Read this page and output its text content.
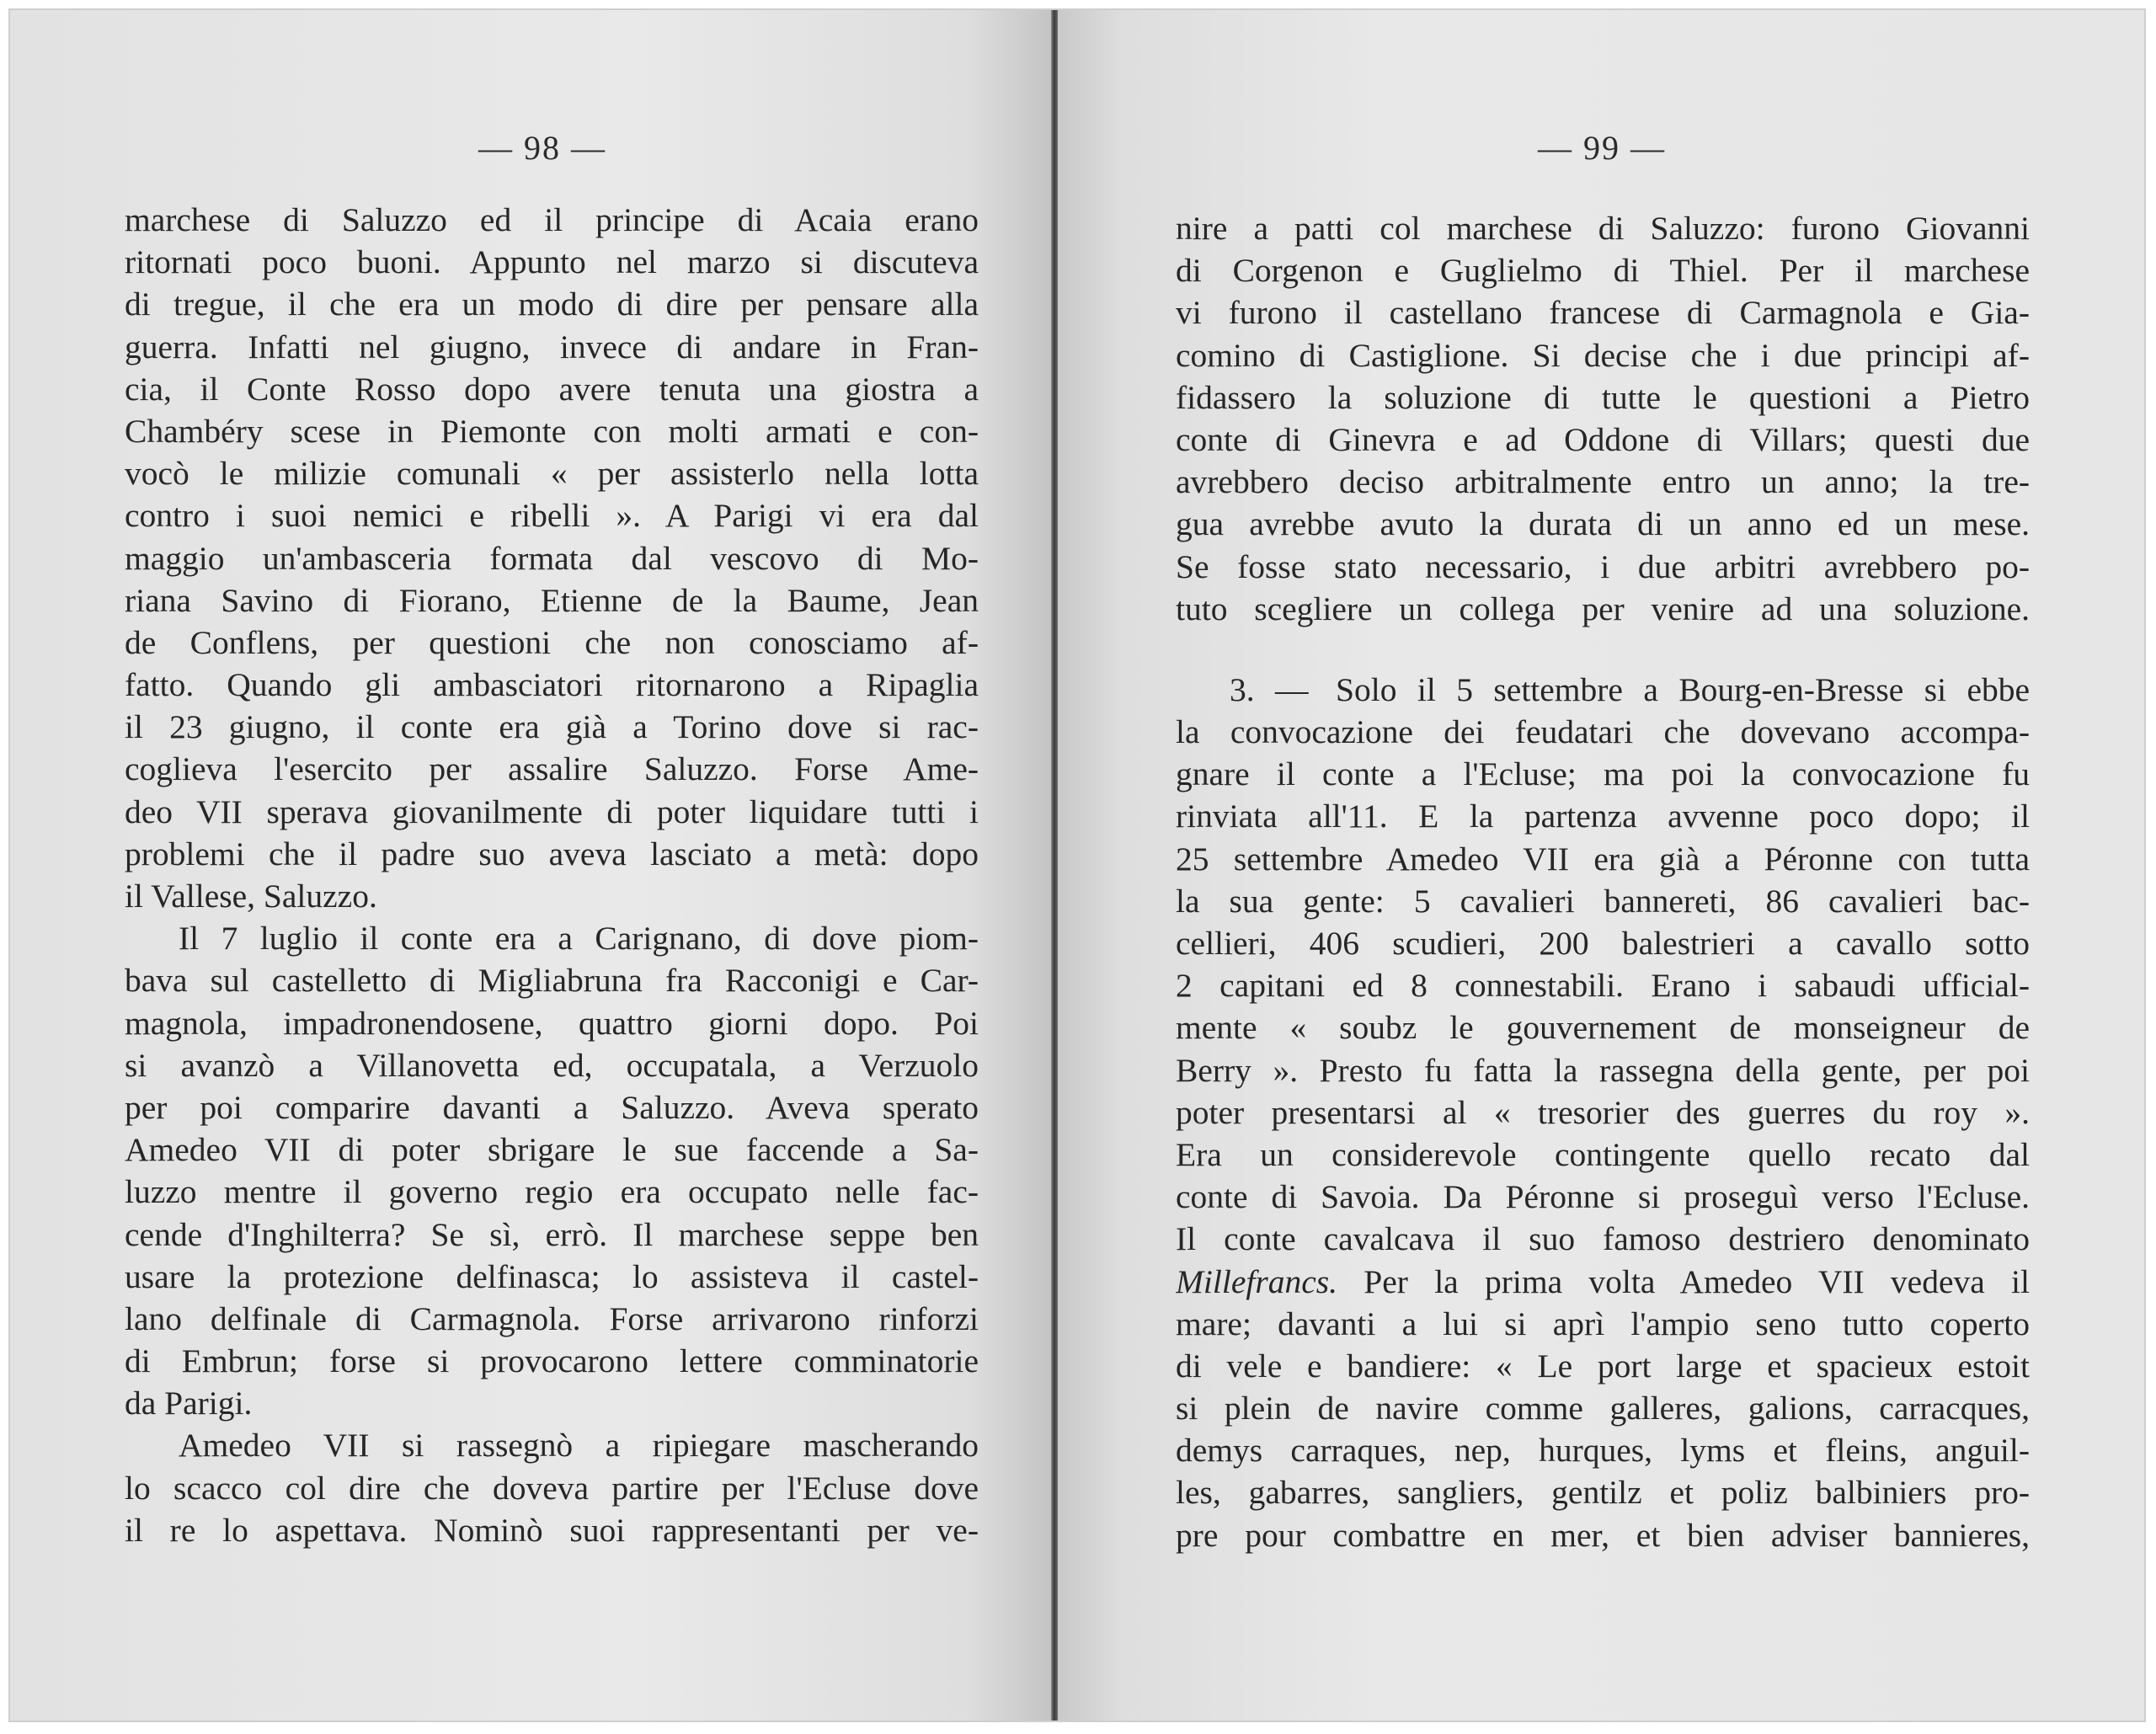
— 98 —
marchese di Saluzzo ed il principe di Acaia erano
ritornati poco buoni. Appunto nel marzo si discuteva
di tregue, il che era un modo di dire per pensare alla
guerra. Infatti nel giugno, invece di andare in Fran-
cia, il Conte Rosso dopo avere tenuta una giostra a
Chambéry scese in Piemonte con molti armati e con-
vocò le milizie comunali « per assisterlo nella lotta
contro i suoi nemici e ribelli ». A Parigi vi era dal
maggio un'ambasceria formata dal vescovo di Mo-
riana Savino di Fiorano, Etienne de la Baume, Jean
de Conflens, per questioni che non conosciamo af-
fatto. Quando gli ambasciatori ritornarono a Ripaglia
il 23 giugno, il conte era già a Torino dove si rac-
coglieva l'esercito per assalire Saluzzo. Forse Ame-
deo VII sperava giovanilmente di poter liquidare tutti i
problemi che il padre suo aveva lasciato a metà: dopo
il Vallese, Saluzzo.
Il 7 luglio il conte era a Carignano, di dove piom-
bava sul castelletto di Migliabruna fra Racconigi e Car-
magnola, impadronendosene, quattro giorni dopo. Poi
si avanzò a Villanovetta ed, occupatala, a Verzuolo
per poi comparire davanti a Saluzzo. Aveva sperato
Amedeo VII di poter sbrigare le sue faccende a Sa-
luzzo mentre il governo regio era occupato nelle fac-
cende d'Inghilterra? Se sì, errò. Il marchese seppe ben
usare la protezione delfinasca; lo assisteva il castel-
lano delfinale di Carmagnola. Forse arrivarono rinforzi
di Embrun; forse si provocarono lettere comminatorie
da Parigi.
Amedeo VII si rassegnò a ripiegare mascherando
lo scacco col dire che doveva partire per l'Ecluse dove
il re lo aspettava. Nominò suoi rappresentanti per ve-
— 99 —
nire a patti col marchese di Saluzzo: furono Giovanni
di Corgenon e Guglielmo di Thiel. Per il marchese
vi furono il castellano francese di Carmagnola e Gia-
comino di Castiglione. Si decise che i due principi af-
fidassero la soluzione di tutte le questioni a Pietro
conte di Ginevra e ad Oddone di Villars; questi due
avrebbero deciso arbitralmente entro un anno; la tre-
gua avrebbe avuto la durata di un anno ed un mese.
Se fosse stato necessario, i due arbitri avrebbero po-
tuto scegliere un collega per venire ad una soluzione.
3. — Solo il 5 settembre a Bourg-en-Bresse si ebbe
la convocazione dei feudatari che dovevano accompa-
gnare il conte a l'Ecluse; ma poi la convocazione fu
rinviata all'11. E la partenza avvenne poco dopo; il
25 settembre Amedeo VII era già a Péronne con tutta
la sua gente: 5 cavalieri bannereti, 86 cavalieri bac-
cellieri, 406 scudieri, 200 balestrieri a cavallo sotto
2 capitani ed 8 connestabili. Erano i sabaudi ufficial-
mente « soubz le gouvernement de monseigneur de
Berry ». Presto fu fatta la rassegna della gente, per poi
poter presentarsi al « tresorier des guerres du roy ».
Era un considerevole contingente quello recato dal
conte di Savoia. Da Péronne si proseguì verso l'Ecluse.
Il conte cavalcava il suo famoso destriero denominato
Millefrancs. Per la prima volta Amedeo VII vedeva il
mare; davanti a lui si aprì l'ampio seno tutto coperto
di vele e bandiere: « Le port large et spacieux estoit
si plein de navire comme galleres, galions, carracques,
demys carraques, nep, hurques, lyms et fleins, anguil-
les, gabarres, sangliers, gentilz et poliz balbiniers pro-
pre pour combattre en mer, et bien adviser bannieres,
